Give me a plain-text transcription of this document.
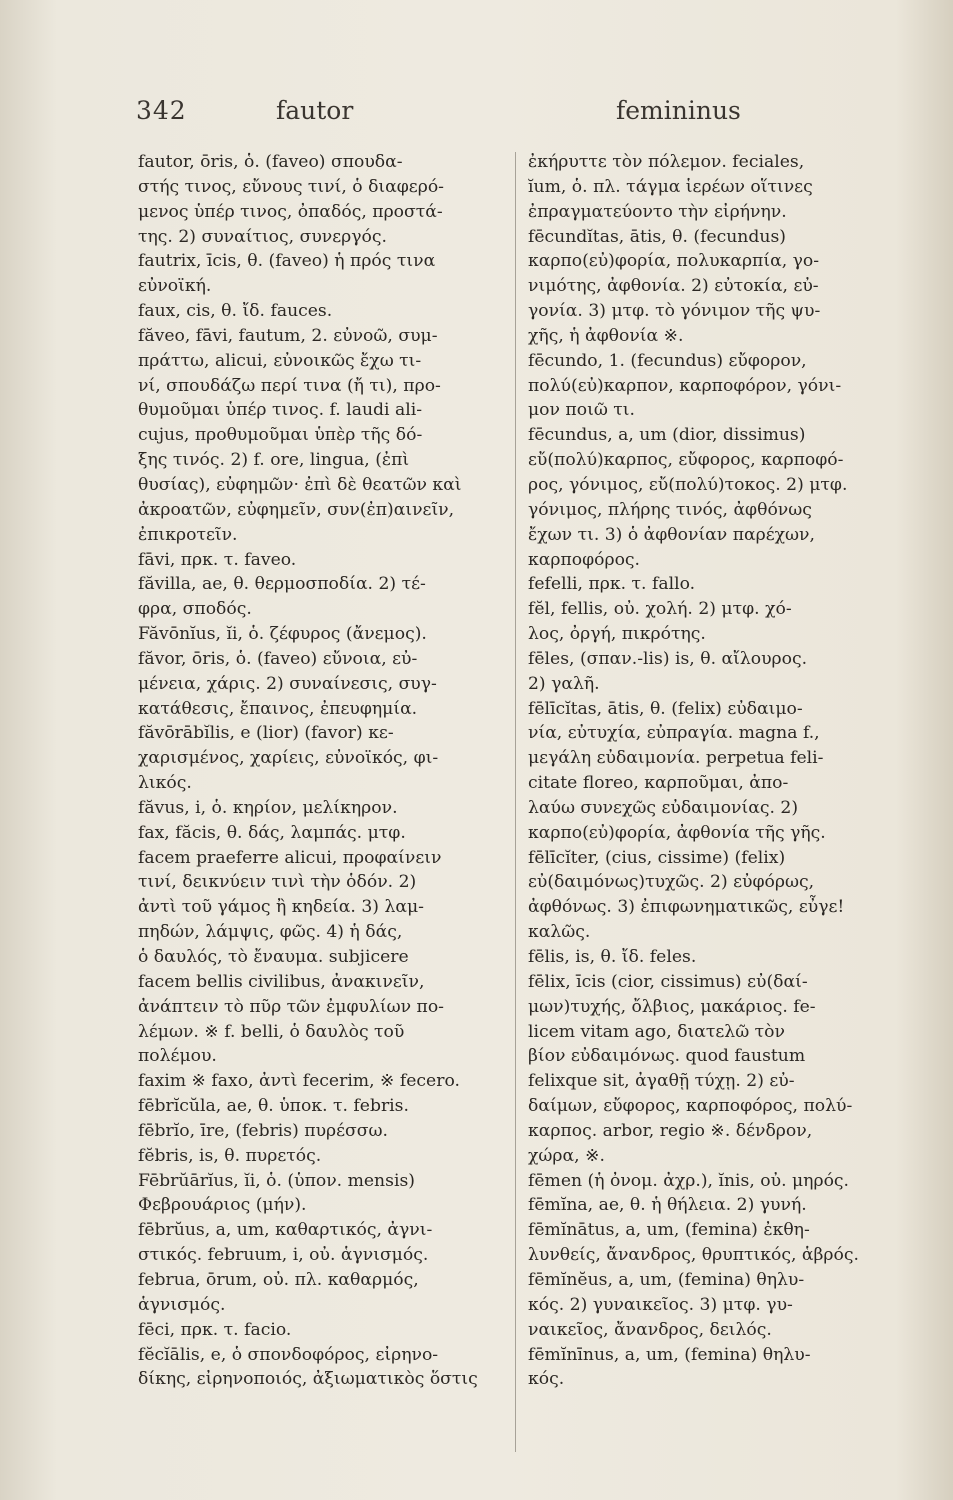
342	fautor	femininus
fautor, ōris, ὁ. (faveo) σπουδα-
στής τινος, εὔνους τινί, ὁ διαφερό-
μενος ὑπέρ τινος, ὀπαδός, προστά-
της. 2) συναίτιος, συνεργός.
fautrix, īcis, θ. (faveo) ἡ πρός τινα
εὐνοϊκή.
faux, cis, θ. ἴδ. fauces.
făveo, fāvi, fautum, 2. εὐνοῶ, συμ-
πράττω, alicui, εὐνοικῶς ἔχω τι-
νί, σπουδάζω περί τινα (ἤ τι), προ-
θυμοῦμαι ὑπέρ τινος. f. laudi ali-
cujus, προθυμοῦμαι ὑπὲρ τῆς δό-
ξης τινός. 2) f. ore, lingua, (ἐπὶ
θυσίας), εὐφημῶν· ἐπὶ δὲ θεατῶν καὶ
ἀκροατῶν, εὐφημεῖν, συν(ἐπ)αινεῖν,
ἐπικροτεῖν.
fāvi, πρκ. τ. faveo.
făvilla, ae, θ. θερμοσποδία. 2) τέ-
φρα, σποδός.
Făvōnĭus, ĭi, ὁ. ζέφυρος (ἄνεμος).
făvor, ōris, ὁ. (faveo) εὔνοια, εὐ-
μένεια, χάρις. 2) συναίνεσις, συγ-
κατάθεσις, ἔπαινος, ἐπευφημία.
făvōrābĭlis, e (lior) (favor) κε-
χαρισμένος, χαρίεις, εὐνοϊκός, φι-
λικός.
făvus, i, ὁ. κηρίον, μελίκηρον.
fax, făcis, θ. δάς, λαμπάς. μτφ.
facem praeferre alicui, προφαίνειν
τινί, δεικνύειν τινὶ τὴν ὁδόν. 2)
ἀντὶ τοῦ γάμος ἢ κηδεία. 3) λαμ-
πηδών, λάμψις, φῶς. 4) ἡ δάς,
ὁ δαυλός, τὸ ἔναυμα. subjicere
facem bellis civilibus, ἀνακινεῖν,
ἀνάπτειν τὸ πῦρ τῶν ἐμφυλίων πο-
λέμων. ※ f. belli, ὁ δαυλὸς τοῦ
πολέμου.
faxim ※ faxo, ἀντὶ fecerim, ※ fecero.
fēbrĭcŭla, ae, θ. ὑποκ. τ. febris.
fēbrĭo, īre, (febris) πυρέσσω.
fĕbris, is, θ. πυρετός.
Fēbrŭārĭus, ĭi, ὁ. (ὑπον. mensis)
Φεβρουάριος (μήν).
fēbrŭus, a, um, καθαρτικός, ἀγνι-
στικός. februum, i, οὐ. ἁγνισμός.
februa, ōrum, οὐ. πλ. καθαρμός,
ἁγνισμός.
fēci, πρκ. τ. facio.
fĕcĭālis, e, ὁ σπονδοφόρος, εἰρηνο-
δίκης, εἰρηνοποιός, ἀξιωματικὸς ὅστις
ἐκήρυττε τὸν πόλεμον. feciales,
ĭum, ὁ. πλ. τάγμα ἱερέων οἵτινες
ἐπραγματεύοντο τὴν εἰρήνην.
fēcundĭtas, ātis, θ. (fecundus)
καρπο(εὐ)φορία, πολυκαρπία, γο-
νιμότης, ἀφθονία. 2) εὐτοκία, εὐ-
γονία. 3) μτφ. τὸ γόνιμον τῆς ψυ-
χῆς, ἡ ἀφθονία ※.
fēcundo, 1. (fecundus) εὔφορον,
πολύ(εὐ)καρπον, καρποφόρον, γόνι-
μον ποιῶ τι.
fēcundus, a, um (dior, dissimus)
εὔ(πολύ)καρπος, εὔφορος, καρποφό-
ρος, γόνιμος, εὔ(πολύ)τοκος. 2) μτφ.
γόνιμος, πλήρης τινός, ἀφθόνως
ἔχων τι. 3) ὁ ἀφθονίαν παρέχων,
καρποφόρος.
fefelli, πρκ. τ. fallo.
fĕl, fellis, οὐ. χολή. 2) μτφ. χό-
λος, ὀργή, πικρότης.
fēles, (σπαν.-lis) is, θ. αἴλουρος.
2) γαλῆ.
fēlīcĭtas, ātis, θ. (felix) εὐδαιμο-
νία, εὐτυχία, εὐπραγία. magna f.,
μεγάλη εὐδαιμονία. perpetua feli-
citate floreo, καρποῦμαι, ἀπο-
λαύω συνεχῶς εὐδαιμονίας. 2)
καρπο(εὐ)φορία, ἀφθονία τῆς γῆς.
fēlīcĭter, (cius, cissime) (felix)
εὐ(δαιμόνως)τυχῶς. 2) εὐφόρως,
ἀφθόνως. 3) ἐπιφωνηματικῶς, εὖγε!
καλῶς.
fēlis, is, θ. ἴδ. feles.
fēlix, īcis (cior, cissimus) εὐ(δαί-
μων)τυχής, ὄλβιος, μακάριος. fe-
licem vitam ago, διατελῶ τὸν
βίον εὐδαιμόνως. quod faustum
felixque sit, ἀγαθῇ τύχῃ. 2) εὐ-
δαίμων, εὔφορος, καρποφόρος, πολύ-
καρπος. arbor, regio ※. δένδρον,
χώρα, ※.
fēmen (ἡ ὀνομ. ἀχρ.), ĭnis, οὐ. μηρός.
fēmĭna, ae, θ. ἡ θήλεια. 2) γυνή.
fēmĭnātus, a, um, (femina) ἐκθη-
λυνθείς, ἄνανδρος, θρυπτικός, ἁβρός.
fēmĭnĕus, a, um, (femina) θηλυ-
κός. 2) γυναικεῖος. 3) μτφ. γυ-
ναικεῖος, ἄνανδρος, δειλός.
fēmĭnīnus, a, um, (femina) θηλυ-
κός.
